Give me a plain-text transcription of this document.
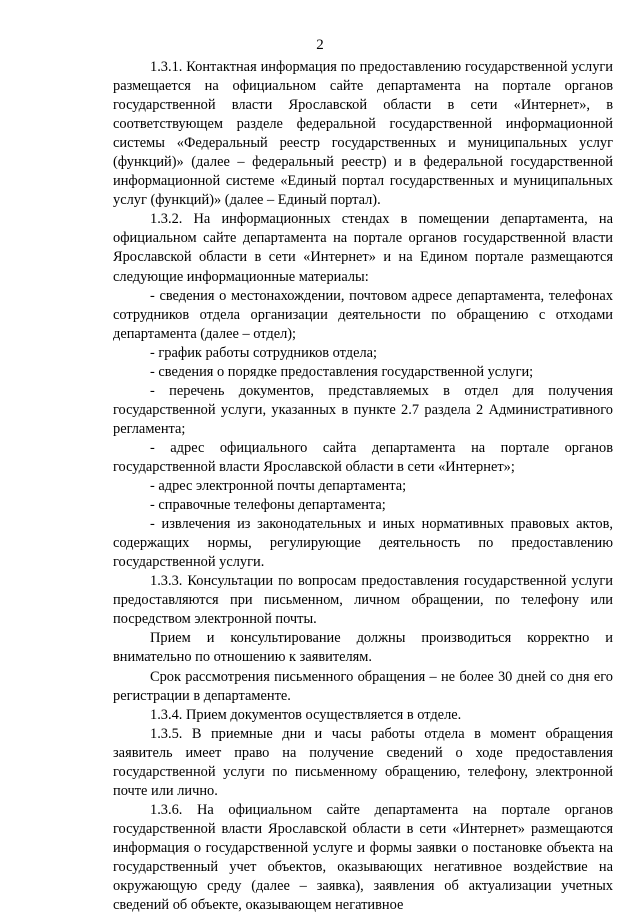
2

1.3.1. Контактная информация по предоставлению государственной услуги размещается на официальном сайте департамента на портале органов государственной власти Ярославской области в сети «Интернет», в соответствующем разделе федеральной государственной информационной системы «Федеральный реестр государственных и муниципальных услуг (функций)» (далее – федеральный реестр) и в федеральной государственной информационной системе «Единый портал государственных и муниципальных услуг (функций)» (далее – Единый портал).

1.3.2. На информационных стендах в помещении департамента, на официальном сайте департамента на портале органов государственной власти Ярославской области в сети «Интернет» и на Едином портале размещаются следующие информационные материалы:

- сведения о местонахождении, почтовом адресе департамента, телефонах сотрудников отдела организации деятельности по обращению с отходами департамента (далее – отдел);

- график работы сотрудников отдела;

- сведения о порядке предоставления государственной услуги;

- перечень документов, представляемых в отдел для получения государственной услуги, указанных в пункте 2.7 раздела 2 Административного регламента;

- адрес официального сайта департамента на портале органов государственной власти Ярославской области в сети «Интернет»;

- адрес электронной почты департамента;

- справочные телефоны департамента;

- извлечения из законодательных и иных нормативных правовых актов, содержащих нормы, регулирующие деятельность по предоставлению государственной услуги.

1.3.3. Консультации по вопросам предоставления государственной услуги предоставляются при письменном, личном обращении, по телефону или посредством электронной почты.

Прием и консультирование должны производиться корректно и внимательно по отношению к заявителям.

Срок рассмотрения письменного обращения – не более 30 дней со дня его регистрации в департаменте.

1.3.4. Прием документов осуществляется в отделе.

1.3.5. В приемные дни и часы работы отдела в момент обращения заявитель имеет право на получение сведений о ходе предоставления государственной услуги по письменному обращению, телефону, электронной почте или лично.

1.3.6. На официальном сайте департамента на портале органов государственной власти Ярославской области в сети «Интернет» размещаются информация о государственной услуге и формы заявки о постановке объекта на государственный учет объектов, оказывающих негативное воздействие на окружающую среду (далее – заявка), заявления об актуализации учетных сведений об объекте, оказывающем негативное
